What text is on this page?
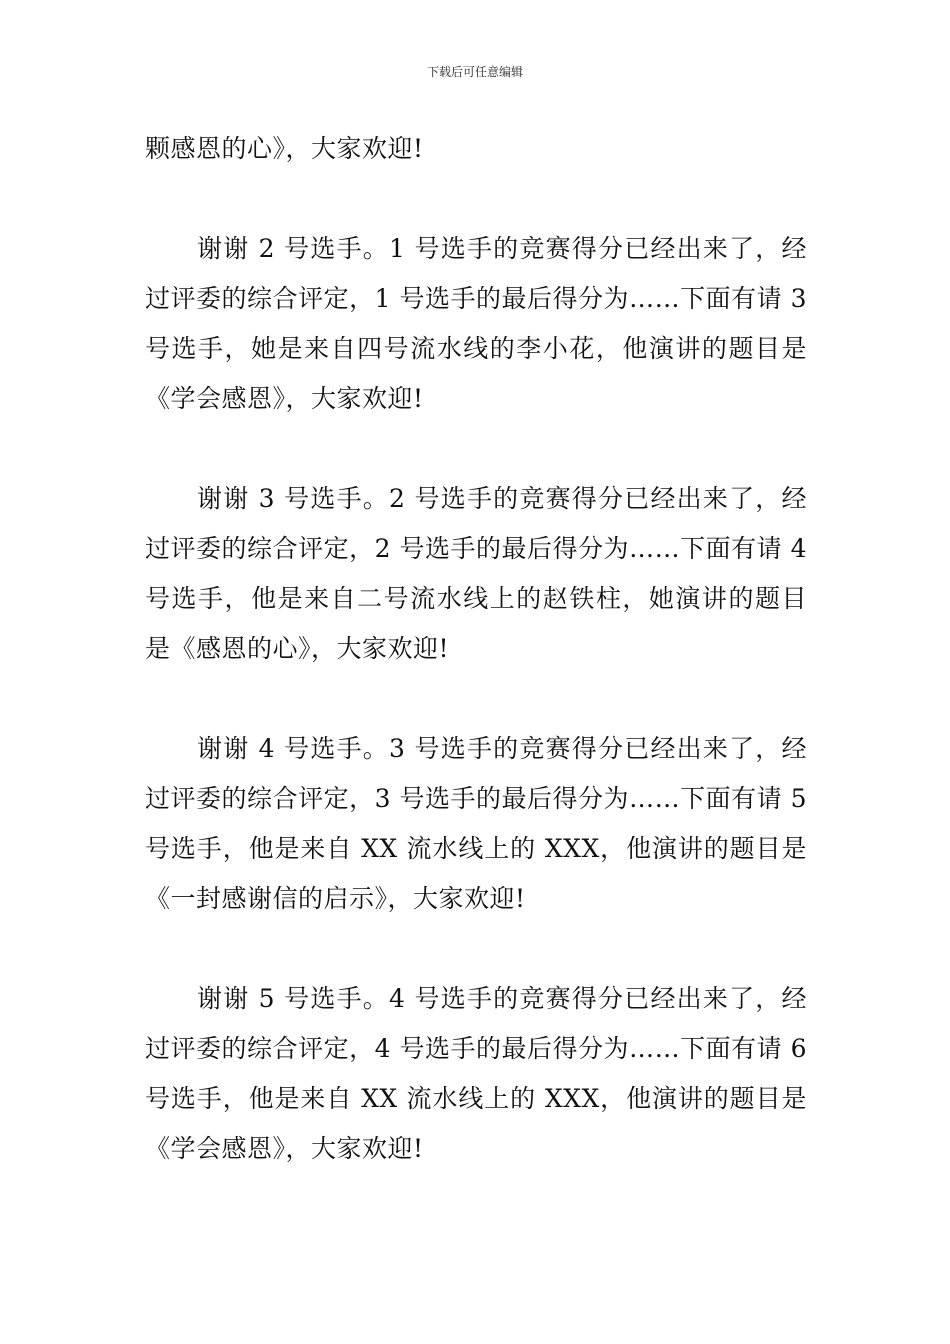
下载后可任意编辑

颗感恩的心》，大家欢迎!

谢谢 2 号选手。1 号选手的竞赛得分已经出来了，经过评委的综合评定，1 号选手的最后得分为……下面有请 3 号选手，她是来自四号流水线的李小花，他演讲的题目是《学会感恩》，大家欢迎!

谢谢 3 号选手。2 号选手的竞赛得分已经出来了，经过评委的综合评定，2 号选手的最后得分为……下面有请 4 号选手，他是来自二号流水线上的赵铁柱，她演讲的题目是《感恩的心》，大家欢迎!

谢谢 4 号选手。3 号选手的竞赛得分已经出来了，经过评委的综合评定，3 号选手的最后得分为……下面有请 5 号选手，他是来自 XX 流水线上的 XXX，他演讲的题目是《一封感谢信的启示》，大家欢迎!

谢谢 5 号选手。4 号选手的竞赛得分已经出来了，经过评委的综合评定，4 号选手的最后得分为……下面有请 6 号选手，他是来自 XX 流水线上的 XXX，他演讲的题目是《学会感恩》，大家欢迎!
